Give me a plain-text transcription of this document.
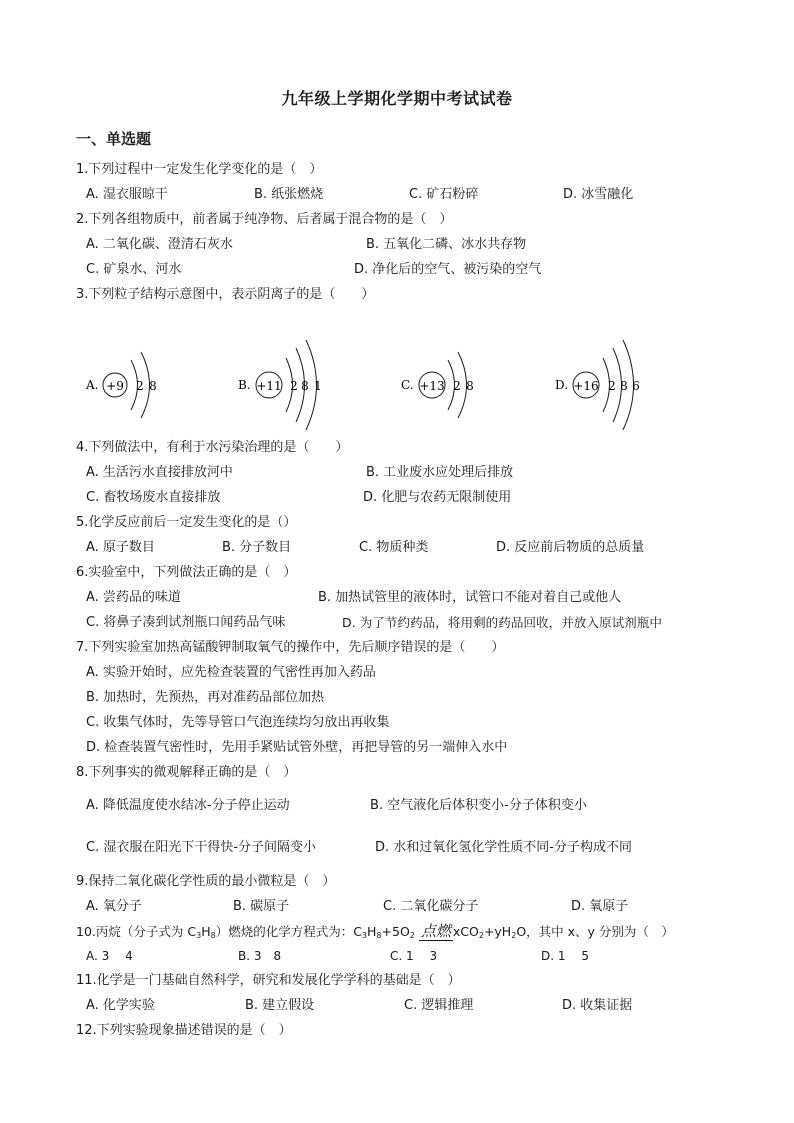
九年级上学期化学期中考试试卷
一、单选题
1.下列过程中一定发生化学变化的是（　）
A. 湿衣服晾干	B. 纸张燃烧	C. 矿石粉碎	D. 冰雪融化
2.下列各组物质中，前者属于纯净物、后者属于混合物的是（　）
A. 二氧化碳、澄清石灰水	B. 五氧化二磷、冰水共存物
C. 矿泉水、河水	D. 净化后的空气、被污染的空气
3.下列粒子结构示意图中，表示阴离子的是（　　）
A. +9 2 8	B. +11 2 8 1	C. +13 2 8	D. +16 2 8 6
4.下列做法中，有利于水污染治理的是（　　）
A. 生活污水直接排放河中	B. 工业废水应处理后排放
C. 畜牧场废水直接排放	D. 化肥与农药无限制使用
5.化学反应前后一定发生变化的是（）
A. 原子数目	B. 分子数目	C. 物质种类	D. 反应前后物质的总质量
6.实验室中，下列做法正确的是（　）
A. 尝药品的味道	B. 加热试管里的液体时，试管口不能对着自己或他人
C. 将鼻子凑到试剂瓶口闻药品气味	D. 为了节约药品，将用剩的药品回收，并放入原试剂瓶中
7.下列实验室加热高锰酸钾制取氧气的操作中，先后顺序错误的是（　　）
A. 实验开始时，应先检查装置的气密性再加入药品
B. 加热时，先预热，再对准药品部位加热
C. 收集气体时，先等导管口气泡连续均匀放出再收集
D. 检查装置气密性时，先用手紧贴试管外壁，再把导管的另一端伸入水中
8.下列事实的微观解释正确的是（　）
A. 降低温度使水结冰-分子停止运动	B. 空气液化后体积变小-分子体积变小
C. 湿衣服在阳光下干得快-分子间隔变小	D. 水和过氧化氢化学性质不同-分子构成不同
9.保持二氧化碳化学性质的最小微粒是（　）
A. 氧分子	B. 碳原子	C. 二氧化碳分子	D. 氧原子
10.丙烷（分子式为 $C_3H_8$）燃烧的化学方程式为：$C_3H_8+5O_2$ 点燃 $xCO_2+yH_2O$，其中 x、y 分别为（　）
A. 3　 4	B. 3　8	C. 1　 3	D. 1　 5
11.化学是一门基础自然科学，研究和发展化学学科的基础是（　）
A. 化学实验	B. 建立假设	C. 逻辑推理	D. 收集证据
12.下列实验现象描述错误的是（　）
